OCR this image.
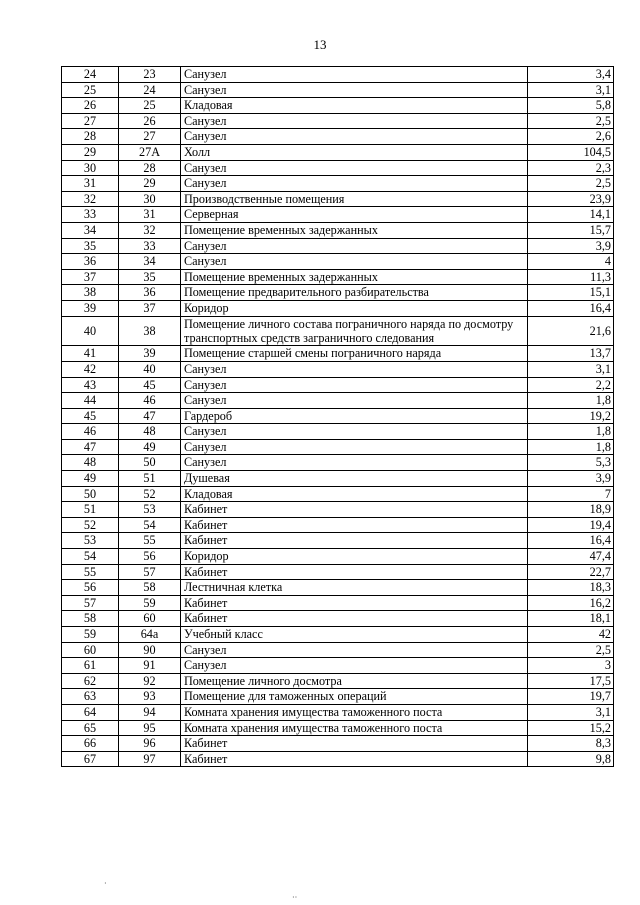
13
24	23	Санузел	3,4
25	24	Санузел	3,1
26	25	Кладовая	5,8
27	26	Санузел	2,5
28	27	Санузел	2,6
29	27А	Холл	104,5
30	28	Санузел	2,3
31	29	Санузел	2,5
32	30	Производственные помещения	23,9
33	31	Серверная	14,1
34	32	Помещение временных задержанных	15,7
35	33	Санузел	3,9
36	34	Санузел	4
37	35	Помещение временных задержанных	11,3
38	36	Помещение предварительного разбирательства	15,1
39	37	Коридор	16,4
40	38	Помещение личного состава пограничного наряда по досмотру транспортных средств заграничного следования	21,6
41	39	Помещение старшей смены пограничного наряда	13,7
42	40	Санузел	3,1
43	45	Санузел	2,2
44	46	Санузел	1,8
45	47	Гардероб	19,2
46	48	Санузел	1,8
47	49	Санузел	1,8
48	50	Санузел	5,3
49	51	Душевая	3,9
50	52	Кладовая	7
51	53	Кабинет	18,9
52	54	Кабинет	19,4
53	55	Кабинет	16,4
54	56	Коридор	47,4
55	57	Кабинет	22,7
56	58	Лестничная клетка	18,3
57	59	Кабинет	16,2
58	60	Кабинет	18,1
59	64а	Учебный класс	42
60	90	Санузел	2,5
61	91	Санузел	3
62	92	Помещение личного досмотра	17,5
63	93	Помещение для таможенных операций	19,7
64	94	Комната хранения имущества таможенного поста	3,1
65	95	Комната хранения имущества таможенного поста	15,2
66	96	Кабинет	8,3
67	97	Кабинет	9,8
·
··
